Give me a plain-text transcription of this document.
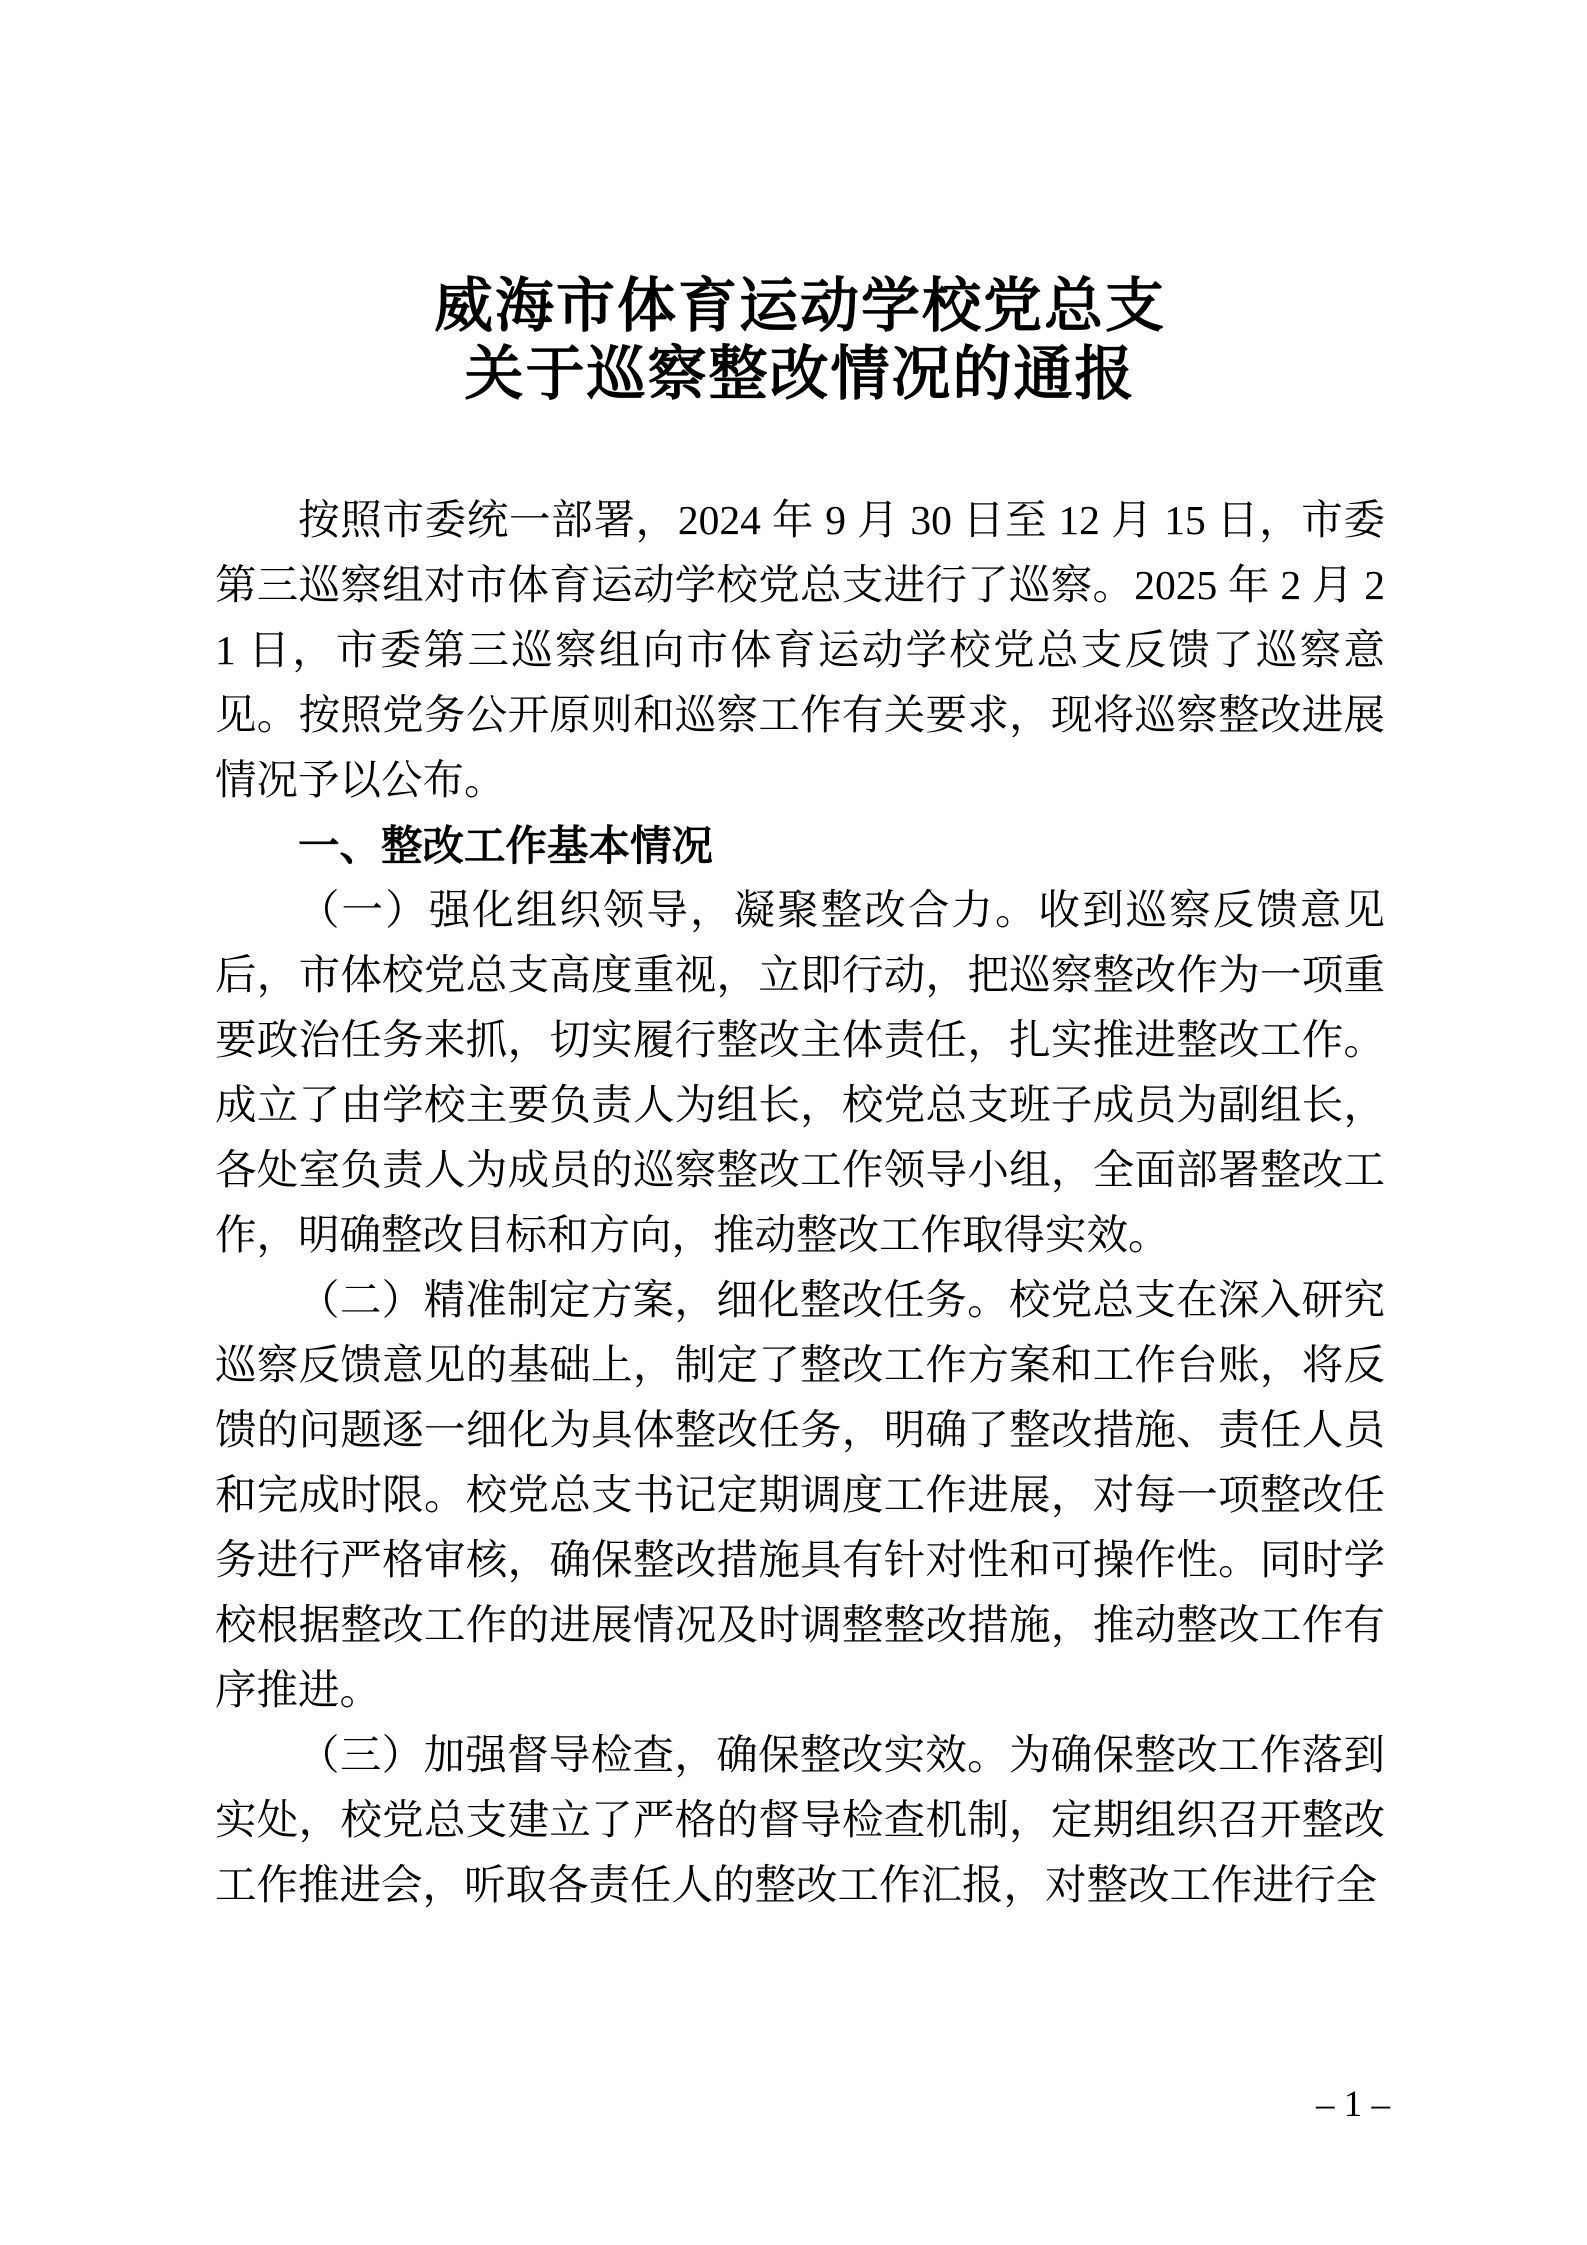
威海市体育运动学校党总支
关于巡察整改情况的通报

按照市委统一部署，2024 年 9 月 30 日至 12 月 15 日，市委第三巡察组对市体育运动学校党总支进行了巡察。2025 年 2 月 21 日，市委第三巡察组向市体育运动学校党总支反馈了巡察意见。按照党务公开原则和巡察工作有关要求，现将巡察整改进展情况予以公布。

一、整改工作基本情况

（一）强化组织领导，凝聚整改合力。收到巡察反馈意见后，市体校党总支高度重视，立即行动，把巡察整改作为一项重要政治任务来抓，切实履行整改主体责任，扎实推进整改工作。成立了由学校主要负责人为组长，校党总支班子成员为副组长，各处室负责人为成员的巡察整改工作领导小组，全面部署整改工作，明确整改目标和方向，推动整改工作取得实效。

（二）精准制定方案，细化整改任务。校党总支在深入研究巡察反馈意见的基础上，制定了整改工作方案和工作台账，将反馈的问题逐一细化为具体整改任务，明确了整改措施、责任人员和完成时限。校党总支书记定期调度工作进展，对每一项整改任务进行严格审核，确保整改措施具有针对性和可操作性。同时学校根据整改工作的进展情况及时调整整改措施，推动整改工作有序推进。

（三）加强督导检查，确保整改实效。为确保整改工作落到实处，校党总支建立了严格的督导检查机制，定期组织召开整改工作推进会，听取各责任人的整改工作汇报，对整改工作进行全

– 1 –
